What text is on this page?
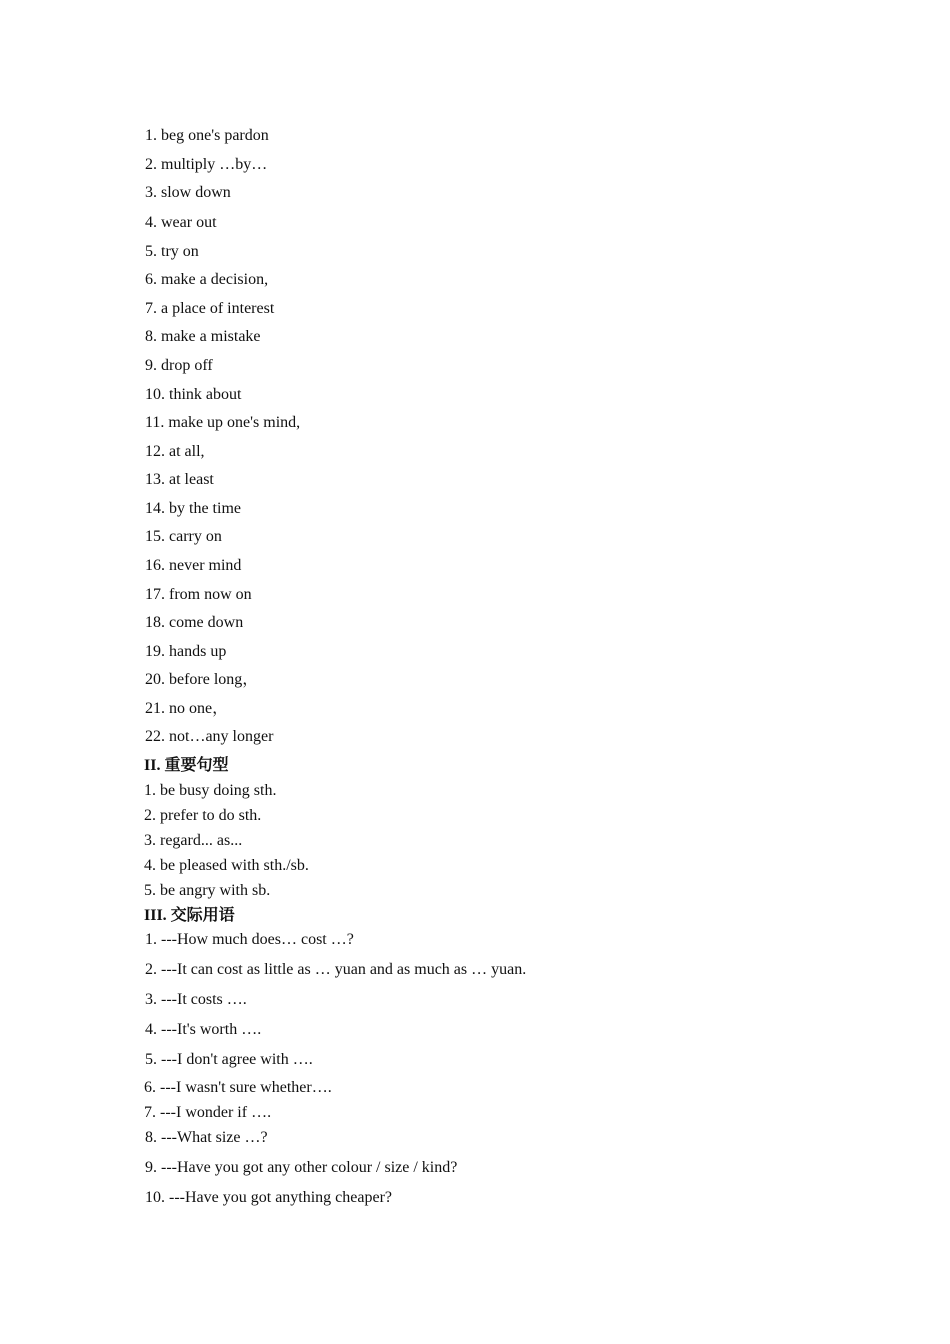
1. beg one's pardon
2. multiply …by…
3. slow down
4. wear out
5. try on
6. make a decision,
7. a place of interest
8. make a mistake
9. drop off
10. think about
11. make up one's mind,
12. at all,
13. at least
14. by the time
15. carry on
16. never mind
17. from now on
18. come down
19. hands up
20. before long，
21. no one，
22. not…any longer
II. 重要句型
1. be busy doing sth.
2. prefer to do sth.
3. regard... as...
4. be pleased with sth./sb.
5. be angry with sb.
III. 交际用语
1. ---How much does… cost …?
2. ---It can cost as little as … yuan and as much as … yuan.
3. ---It costs ….
4. ---It's worth ….
5. ---I don't agree with ….
6. ---I wasn't sure whether….
7. ---I wonder if ….
8. ---What size …?
9. ---Have you got any other colour / size / kind?
10. ---Have you got anything cheaper?
